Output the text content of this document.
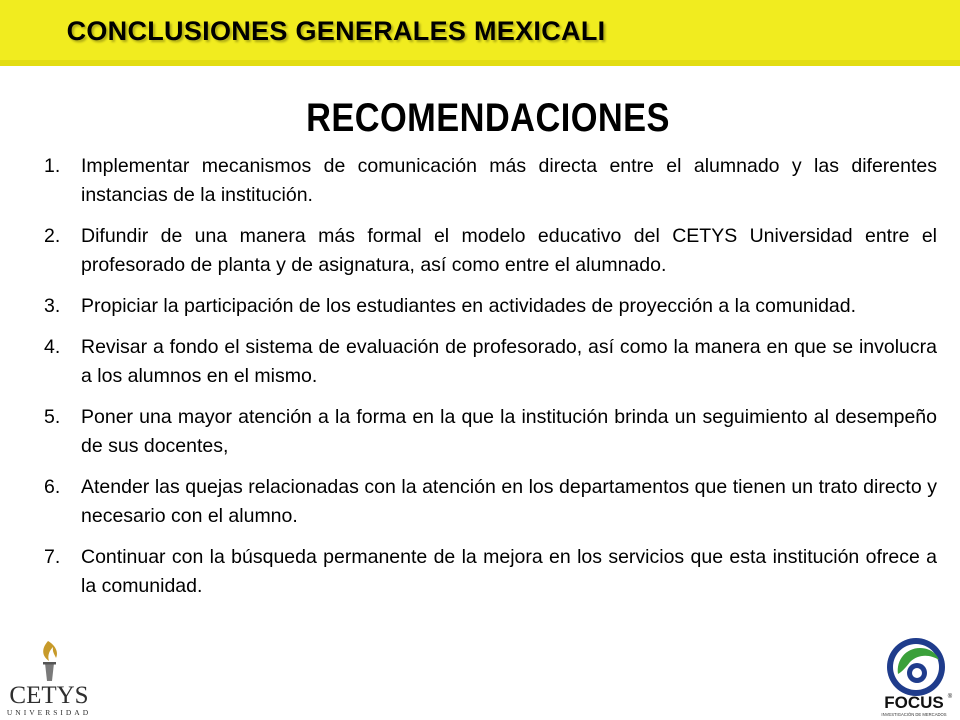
CONCLUSIONES GENERALES MEXICALI
RECOMENDACIONES
1. Implementar mecanismos de comunicación más directa entre el alumnado y las diferentes instancias de la institución.
2. Difundir de una manera más formal el modelo educativo del CETYS Universidad entre el profesorado de planta y de asignatura, así como entre el alumnado.
3. Propiciar la participación de los estudiantes en actividades de proyección a la comunidad.
4. Revisar a fondo el sistema de evaluación de profesorado, así como la manera en que se involucra a los alumnos en el mismo.
5. Poner una mayor atención a la forma en la que la institución brinda un seguimiento al desempeño de sus docentes,
6. Atender las quejas relacionadas con la atención en los departamentos que tienen un trato directo y necesario con el alumno.
7. Continuar con la búsqueda permanente de la mejora en los servicios que esta institución ofrece a la comunidad.
CETYS
UNIVERSIDAD
FOCUS ®
INVESTIGACIÓN DE MERCADOS
